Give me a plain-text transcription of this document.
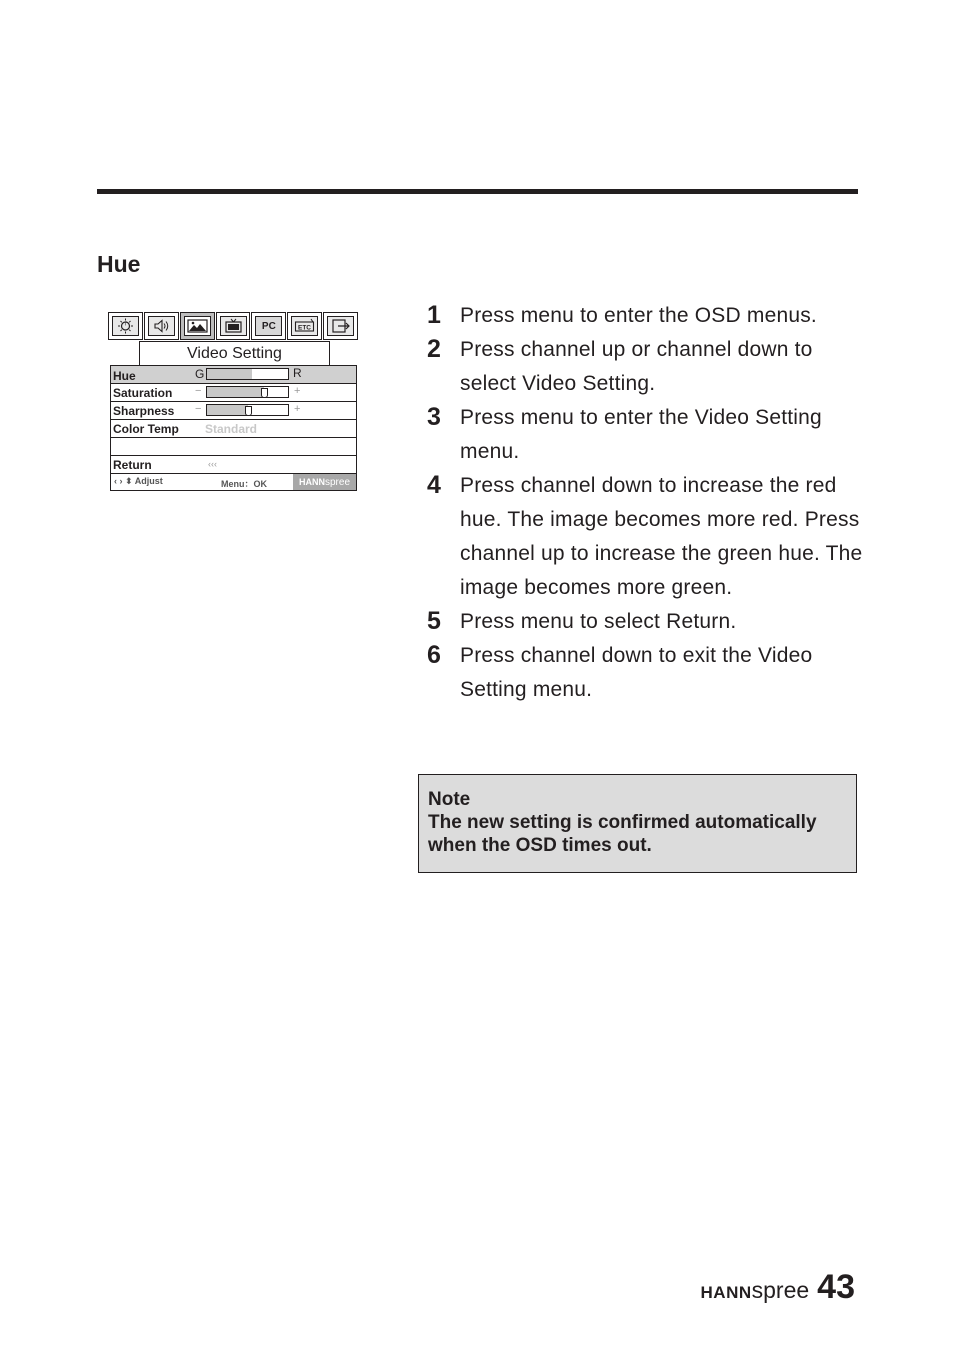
Hue
PC	ETC
Video Setting
Hue	G	R
Saturation −	+
Sharpness −	+
Color Temp Standard
Return	‹‹‹
‹ › ⬍ Adjust	Menu：OK	HANNspree
1 Press menu to enter the OSD menus.
2 Press channel up or channel down to select Video Setting.
3 Press menu to enter the Video Setting menu.
4 Press channel down to increase the red hue. The image becomes more red. Press channel up to increase the green hue. The image becomes more green.
5 Press menu to select Return.
6 Press channel down to exit the Video Setting menu.
Note
The new setting is confirmed automatically when the OSD times out.
HANNspree 43
